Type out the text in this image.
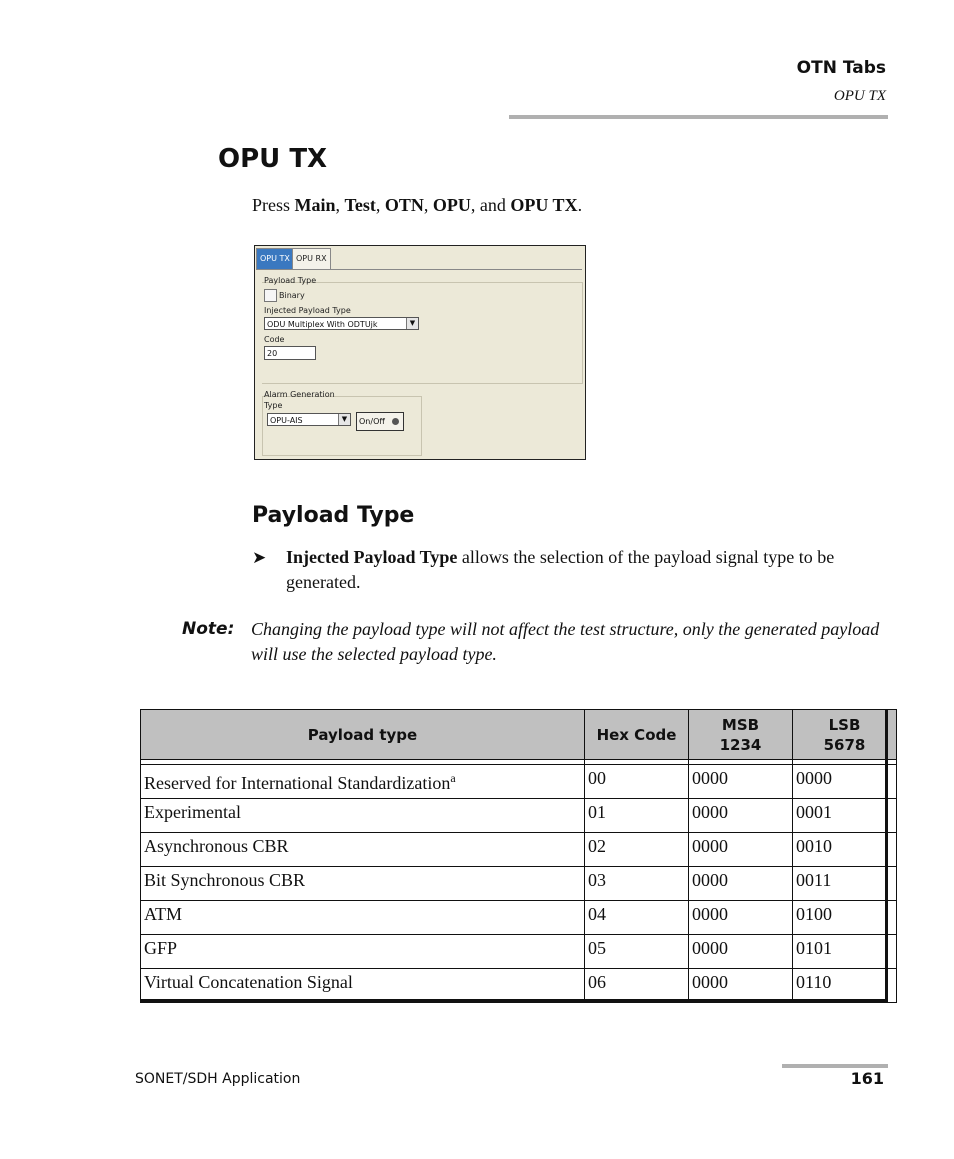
OTN Tabs
OPU TX
OPU TX
Press Main, Test, OTN, OPU, and OPU TX.
OPU TX OPU RX
Payload Type
Binary
Injected Payload Type
ODU Multiplex With ODTUjk	▼
Code
20
Alarm Generation
Type
OPU-AIS	▼	On/Off
Payload Type
➤ Injected Payload Type allows the selection of the payload signal type to be generated.
Note: Changing the payload type will not affect the test structure, only the generated payload will use the selected payload type.
Payload type	Hex Code	MSB 1234	LSB 5678

Reserved for International Standardization$^a$	00	0000	0000
Experimental	01	0000	0001
Asynchronous CBR	02	0000	0010
Bit Synchronous CBR	03	0000	0011
ATM	04	0000	0100
GFP	05	0000	0101
Virtual Concatenation Signal	06	0000	0110
SONET/SDH Application	161
